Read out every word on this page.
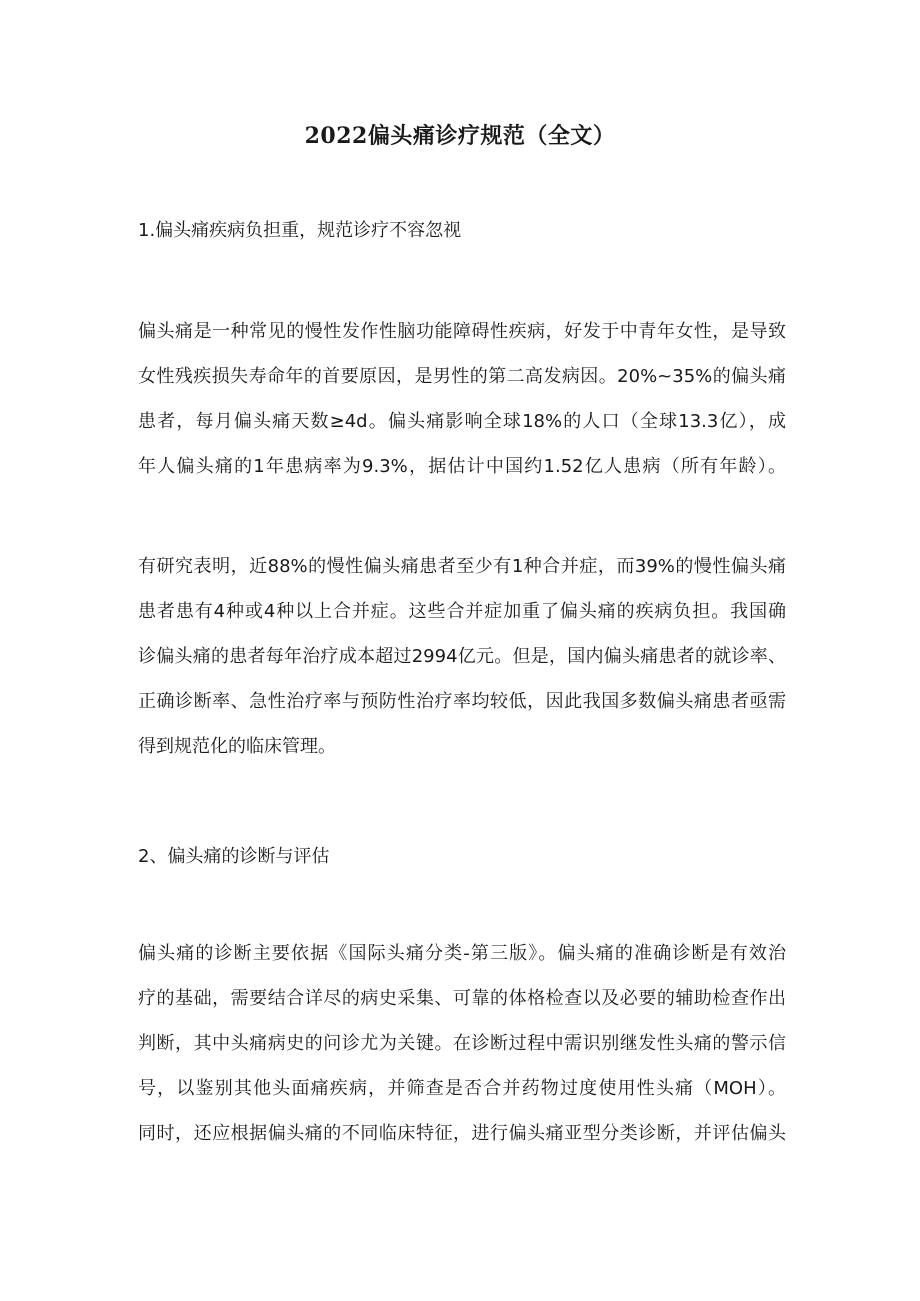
2022偏头痛诊疗规范（全文）
1.偏头痛疾病负担重，规范诊疗不容忽视
偏头痛是一种常见的慢性发作性脑功能障碍性疾病，好发于中青年女性，是导致
女性残疾损失寿命年的首要原因，是男性的第二高发病因。20%~35%的偏头痛
患者，每月偏头痛天数≥4d。偏头痛影响全球18%的人口（全球13.3亿），成
年人偏头痛的1年患病率为9.3%，据估计中国约1.52亿人患病（所有年龄）。
有研究表明，近88%的慢性偏头痛患者至少有1种合并症，而39%的慢性偏头痛
患者患有4种或4种以上合并症。这些合并症加重了偏头痛的疾病负担。我国确
诊偏头痛的患者每年治疗成本超过2994亿元。但是，国内偏头痛患者的就诊率、
正确诊断率、急性治疗率与预防性治疗率均较低，因此我国多数偏头痛患者亟需
得到规范化的临床管理。
2、偏头痛的诊断与评估
偏头痛的诊断主要依据《国际头痛分类-第三版》。偏头痛的准确诊断是有效治
疗的基础，需要结合详尽的病史采集、可靠的体格检查以及必要的辅助检查作出
判断，其中头痛病史的问诊尤为关键。在诊断过程中需识别继发性头痛的警示信
号，以鉴别其他头面痛疾病，并筛查是否合并药物过度使用性头痛（MOH）。
同时，还应根据偏头痛的不同临床特征，进行偏头痛亚型分类诊断，并评估偏头
